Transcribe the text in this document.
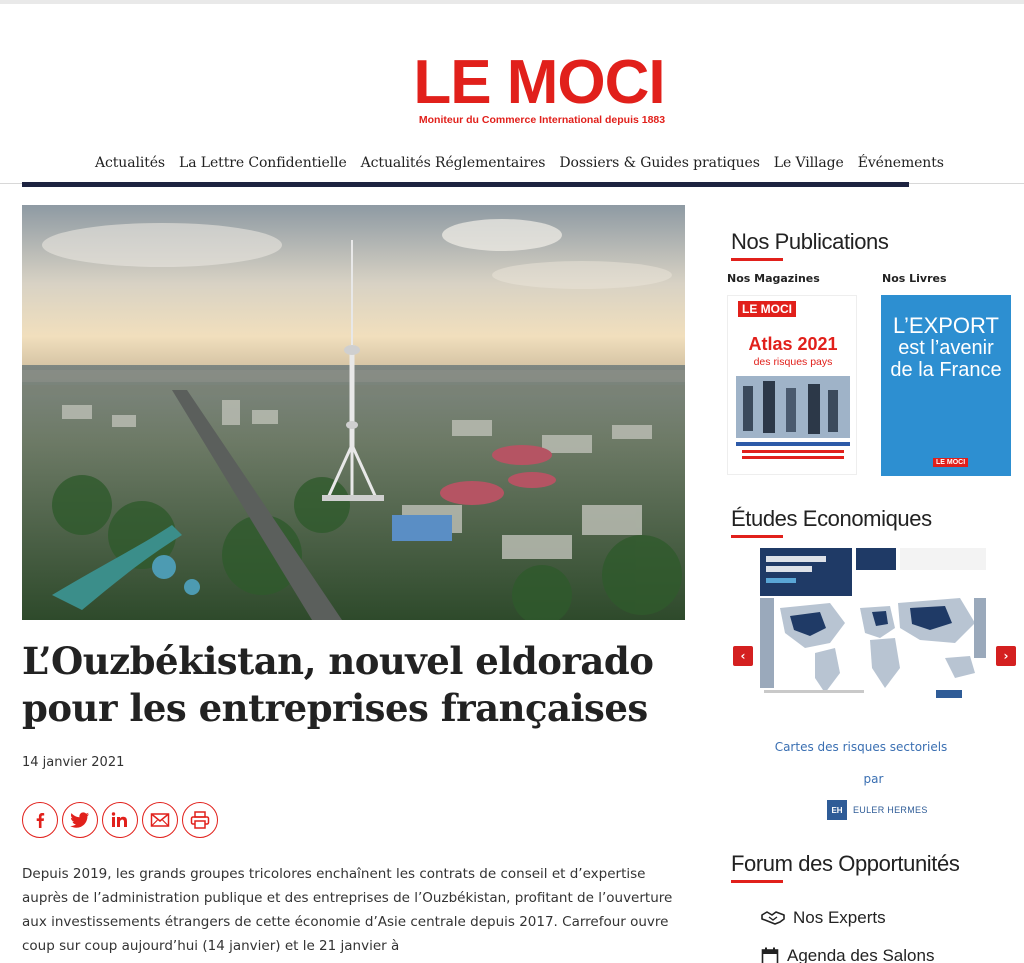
LE MOCI
Moniteur du Commerce International depuis 1883
Actualités La Lettre Confidentielle Actualités Réglementaires Dossiers & Guides pratiques Le Village Événements
L’Ouzbékistan, nouvel eldorado pour les entreprises françaises
14 janvier 2021

Depuis 2019, les grands groupes tricolores enchaînent les contrats de conseil et d’expertise auprès de l’administration publique et des entreprises de l’Ouzbékistan, profitant de l’ouverture aux investissements étrangers de cette économie d’Asie centrale depuis 2017. Carrefour ouvre coup sur coup aujourd’hui (14 janvier) et le 21 janvier à

Nos Publications
Nos Magazines	Nos Livres
LE MOCI
Atlas 2021
des risques pays
L’EXPORT
est l’avenir
de la France
LE MOCI
Études Economiques
‹	›
Cartes des risques sectoriels
par
EH	EULER HERMES
Forum des Opportunités
Nos Experts
Agenda des Salons
